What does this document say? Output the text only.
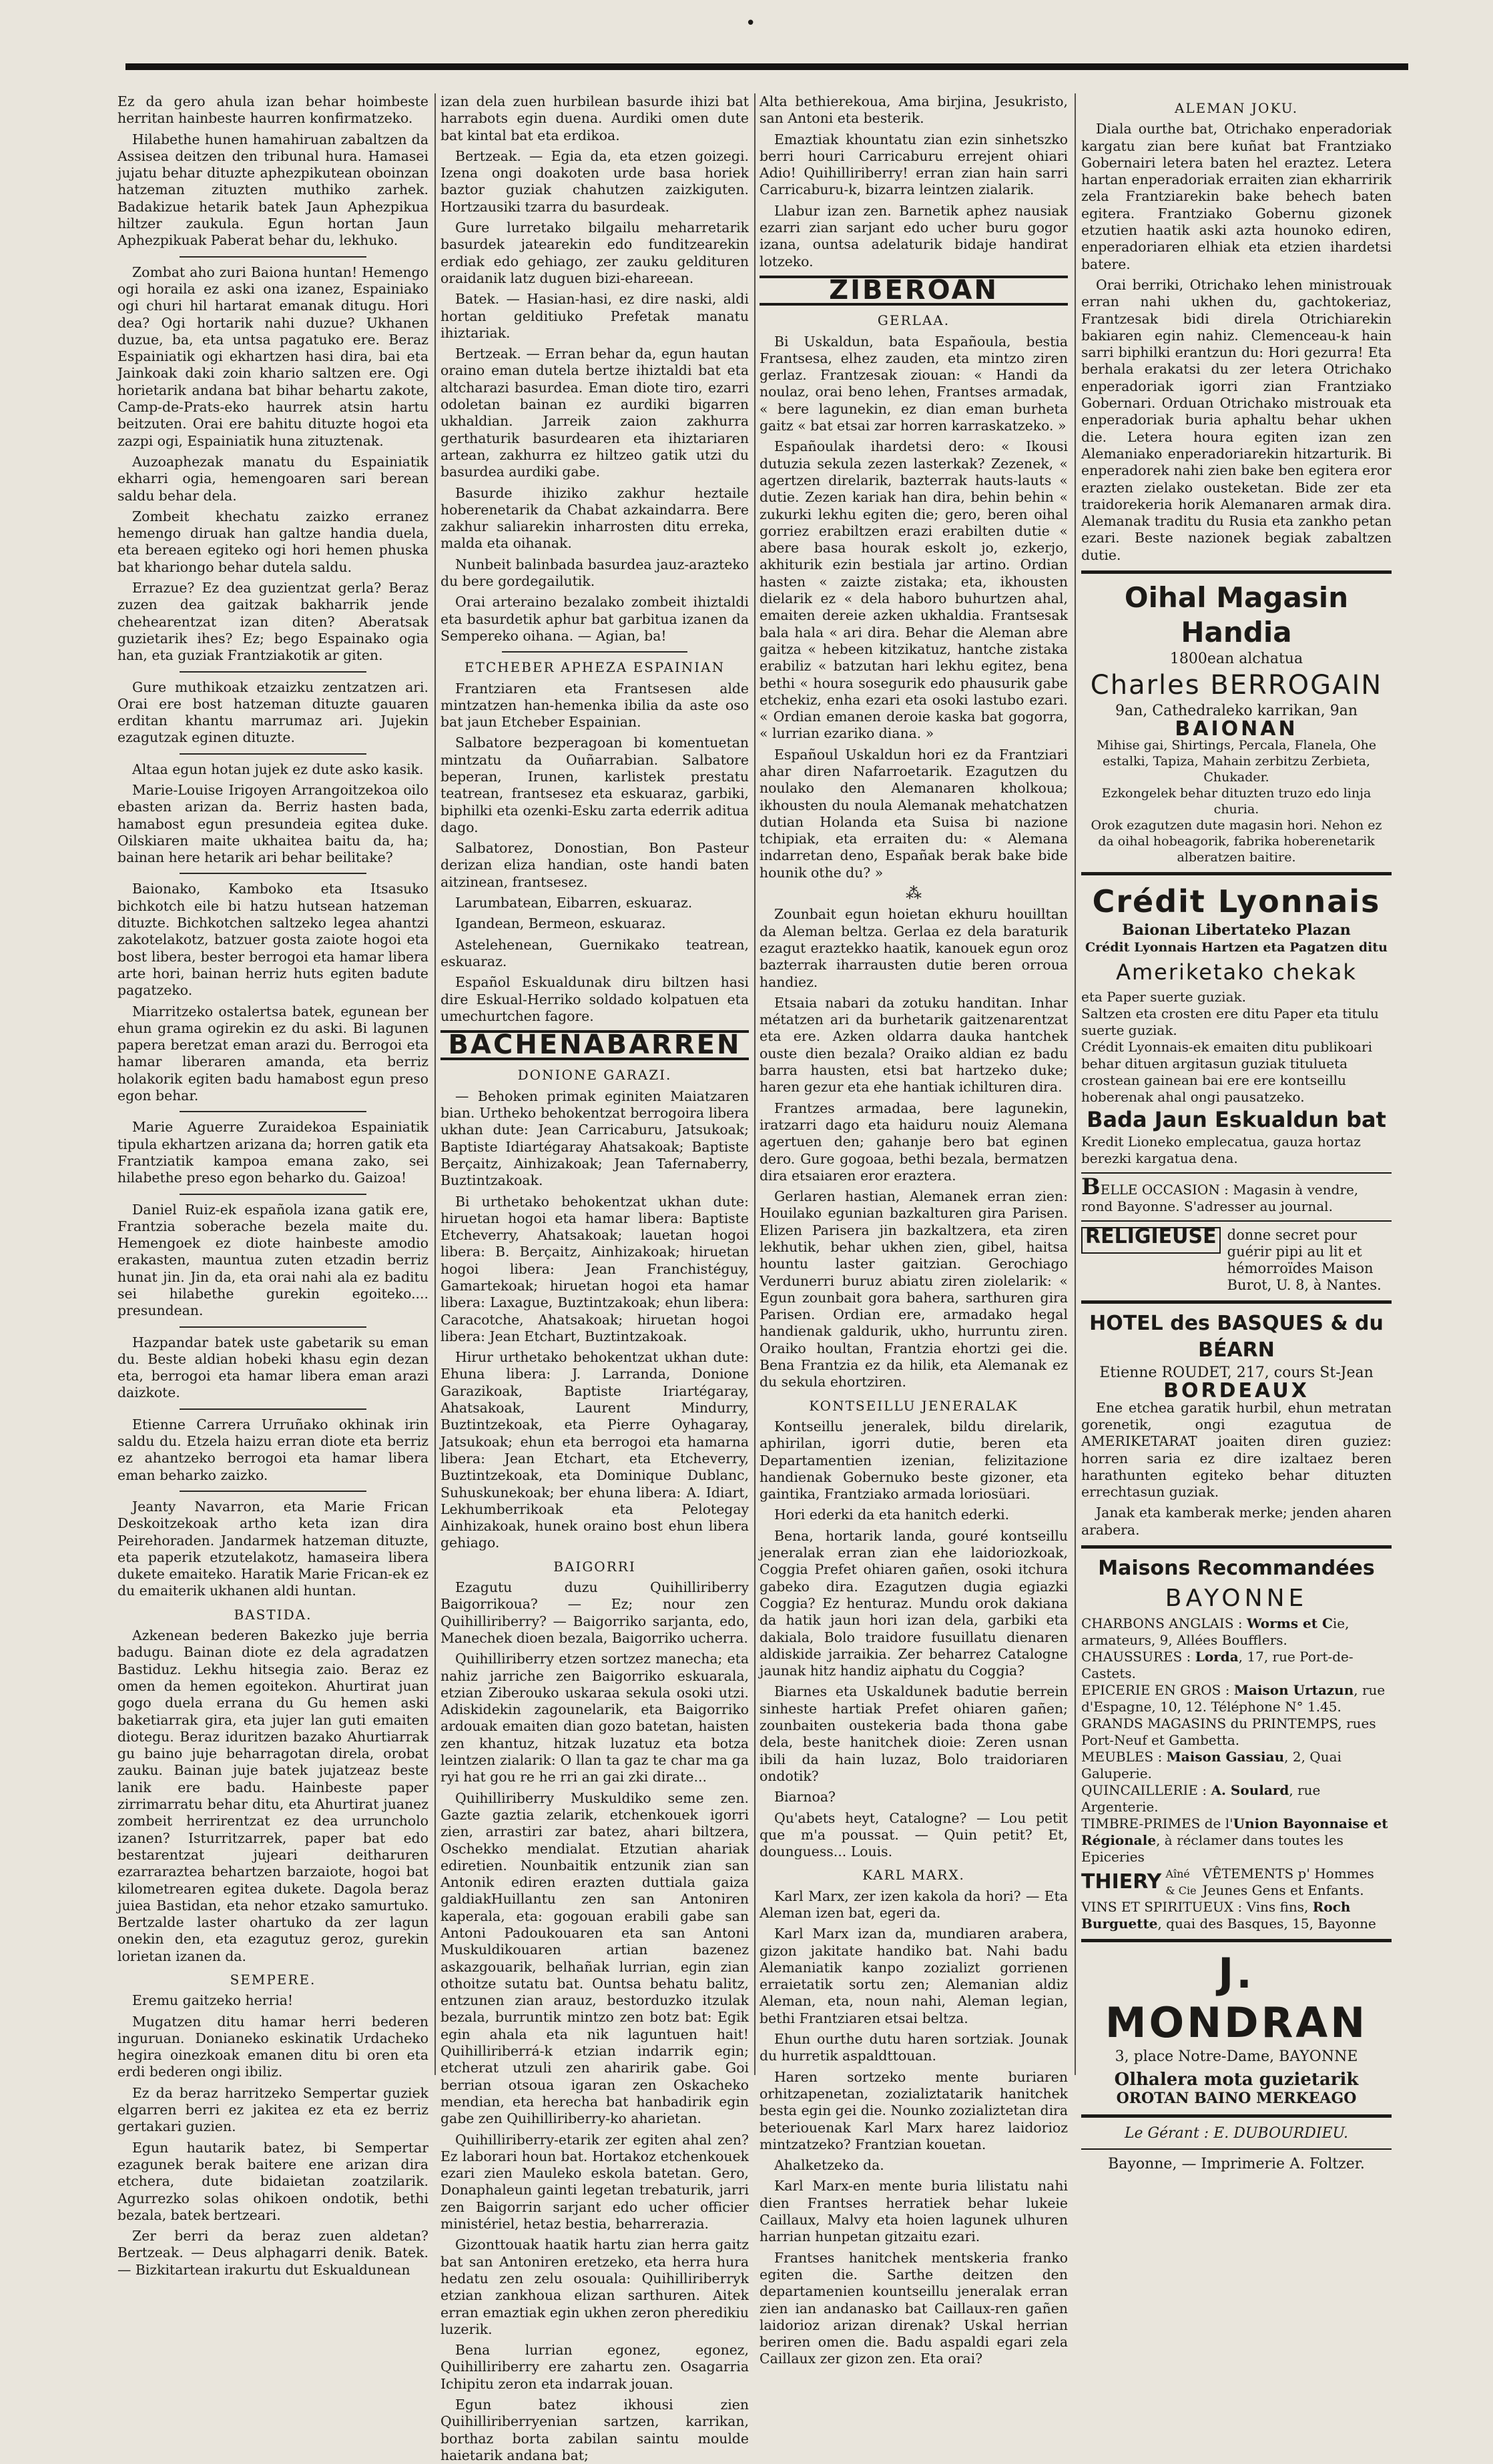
•

Ez da gero ahula izan behar hoimbeste herritan hainbeste haurren konfirmatzeko.

Hilabethe hunen hamahiruan zabaltzen da Assisea deitzen den tribunal hura. Hamasei jujatu behar dituzte aphezpikutean oboinzan hatzeman zituzten muthiko zarhek. Badakizue hetarik batek Jaun Aphezpikua hiltzer zaukula. Egun hortan Jaun Aphezpikuak Paberat behar du, lekhuko.

Zombat aho zuri Baiona huntan! Hemengo ogi horaila ez aski ona izanez, Espainiako ogi churi hil hartarat emanak ditugu. Hori dea? Ogi hortarik nahi duzue? Ukhanen duzue, ba, eta untsa pagatuko ere. Beraz Espainiatik ogi ekhartzen hasi dira, bai eta Jainkoak daki zoin khario saltzen ere. Ogi horietarik andana bat bihar behartu zakote, Camp-de-Prats-eko haurrek atsin hartu beitzuten. Orai ere bahitu dituzte hogoi eta zazpi ogi, Espainiatik huna zituztenak.

Auzoaphezak manatu du Espainiatik ekharri ogia, hemengoaren sari berean saldu behar dela.

Zombeit khechatu zaizko erranez hemengo diruak han galtze handia duela, eta bereaen egiteko ogi hori hemen phuska bat khariongo behar dutela saldu.

Errazue? Ez dea guzientzat gerla? Beraz zuzen dea gaitzak bakharrik jende chehearentzat izan diten? Aberatsak guzietarik ihes? Ez; bego Espainako ogia han, eta guziak Frantziakotik ar giten.

Gure muthikoak etzaizku zentzatzen ari. Orai ere bost hatzeman dituzte gauaren erditan khantu marrumaz ari. Jujekin ezagutzak eginen dituzte.

Altaa egun hotan jujek ez dute asko kasik.

Marie-Louise Irigoyen Arrangoitzekoa oilo ebasten arizan da. Berriz hasten bada, hamabost egun presundeia egitea duke. Oilskiaren maite ukhaitea baitu da, ha; bainan here hetarik ari behar beilitake?

Baionako, Kamboko eta Itsasuko bichkotch eile bi hatzu hutsean hatzeman dituzte. Bichkotchen saltzeko legea ahantzi zakotelakotz, batzuer gosta zaiote hogoi eta bost libera, bester berrogoi eta hamar libera arte hori, bainan herriz huts egiten badute pagatzeko.

Miarritzeko ostalertsa batek, egunean ber ehun grama ogirekin ez du aski. Bi lagunen papera beretzat eman arazi du. Berrogoi eta hamar liberaren amanda, eta berriz holakorik egiten badu hamabost egun preso egon behar.

Marie Aguerre Zuraidekoa Espainiatik tipula ekhartzen arizana da; horren gatik eta Frantziatik kampoa emana zako, sei hilabethe preso egon beharko du. Gaizoa!

Daniel Ruiz-ek española izana gatik ere, Frantzia soberache bezela maite du. Hemengoek ez diote hainbeste amodio erakasten, mauntua zuten etzadin berriz hunat jin. Jin da, eta orai nahi ala ez baditu sei hilabethe gurekin egoiteko.... presundean.

Hazpandar batek uste gabetarik su eman du. Beste aldian hobeki khasu egin dezan eta, berrogoi eta hamar libera eman arazi daizkote.

Etienne Carrera Urruñako okhinak irin saldu du. Etzela haizu erran diote eta berriz ez ahantzeko berrogoi eta hamar libera eman beharko zaizko.

Jeanty Navarron, eta Marie Frican Deskoitzekoak artho keta izan dira Peirehoraden. Jandarmek hatzeman dituzte, eta paperik etzutelakotz, hamaseira libera dukete emaiteko. Haratik Marie Frican-ek ez du emaiterik ukhanen aldi huntan.

BASTIDA.

Azkenean bederen Bakezko juje berria badugu. Bainan diote ez dela agradatzen Bastiduz. Lekhu hitsegia zaio. Beraz ez omen da hemen egoitekon. Ahurtirat juan gogo duela errana du Gu hemen aski baketiarrak gira, eta jujer lan guti emaiten diotegu. Beraz iduritzen bazako Ahurtiarrak gu baino juje beharragotan direla, orobat zauku. Bainan juje batek jujatzeaz beste lanik ere badu. Hainbeste paper zirrimarratu behar ditu, eta Ahurtirat juanez zombeit herrirentzat ez dea urruncholo izanen? Isturritzarrek, paper bat edo bestarentzat jujeari deitharuren ezarraraztea behartzen barzaiote, hogoi bat kilometrearen egitea dukete. Dagola beraz juiea Bastidan, eta nehor etzako samurtuko. Bertzalde laster ohartuko da zer lagun onekin den, eta ezagutuz geroz, gurekin lorietan izanen da.

SEMPERE.

Eremu gaitzeko herria!

Mugatzen ditu hamar herri bederen inguruan. Donianeko eskinatik Urdacheko hegira oinezkoak emanen ditu bi oren eta erdi bederen ongi ibiliz.

Ez da beraz harritzeko Sempertar guziek elgarren berri ez jakitea ez eta ez berriz gertakari guzien.

Egun hautarik batez, bi Sempertar ezagunek berak baitere ene arizan dira etchera, dute bidaietan zoatzilarik. Agurrezko solas ohikoen ondotik, bethi bezala, batek bertzeari.

Zer berri da beraz zuen aldetan? Bertzeak. — Deus alphagarri denik. Batek. — Bizkitartean irakurtu dut Eskualdunean

izan dela zuen hurbilean basurde ihizi bat harrabots egin duena. Aurdiki omen dute bat kintal bat eta erdikoa.

Bertzeak. — Egia da, eta etzen goizegi. Izena ongi doakoten urde basa horiek baztor guziak chahutzen zaizkiguten. Hortzausiki tzarra du basurdeak.

Gure lurretako bilgailu meharretarik basurdek jatearekin edo funditzearekin erdiak edo gehiago, zer zauku geldituren oraidanik latz duguen bizi-ehareean.

Batek. — Hasian-hasi, ez dire naski, aldi hortan gelditiuko Prefetak manatu ihiztariak.

Bertzeak. — Erran behar da, egun hautan oraino eman dutela bertze ihiztaldi bat eta altcharazi basurdea. Eman diote tiro, ezarri odoletan bainan ez aurdiki bigarren ukhaldian. Jarreik zaion zakhurra gerthaturik basurdearen eta ihiztariaren artean, zakhurra ez hiltzeo gatik utzi du basurdea aurdiki gabe.

Basurde ihiziko zakhur heztaile hoberenetarik da Chabat azkaindarra. Bere zakhur saliarekin inharrosten ditu erreka, malda eta oihanak.

Nunbeit balinbada basurdea jauz-arazteko du bere gordegailutik.

Orai arteraino bezalako zombeit ihiztaldi eta basurdetik aphur bat garbitua izanen da Sempereko oihana. — Agian, ba!

ETCHEBER APHEZA ESPAINIAN

Frantziaren eta Frantsesen alde mintzatzen han-hemenka ibilia da aste oso bat jaun Etcheber Espainian.

Salbatore bezperagoan bi komentuetan mintzatu da Ouñarrabian. Salbatore beperan, Irunen, karlistek prestatu teatrean, frantsesez eta eskuaraz, garbiki, biphilki eta ozenki-Esku zarta ederrik aditua dago.

Salbatorez, Donostian, Bon Pasteur derizan eliza handian, oste handi baten aitzinean, frantsesez.

Larumbatean, Eibarren, eskuaraz.

Igandean, Bermeon, eskuaraz.

Astelehenean, Guernikako teatrean, eskuaraz.

Español Eskualdunak diru biltzen hasi dire Eskual-Herriko soldado kolpatuen eta umechurtchen fagore.

BACHENABARREN
DONIONE GARAZI.

— Behoken primak eginiten Maiatzaren bian. Urtheko behokentzat berrogoira libera ukhan dute: Jean Carricaburu, Jatsukoak; Baptiste Idiartégaray Ahatsakoak; Baptiste Berçaitz, Ainhizakoak; Jean Tafernaberry, Buztintzakoak.

Bi urthetako behokentzat ukhan dute: hiruetan hogoi eta hamar libera: Baptiste Etcheverry, Ahatsakoak; lauetan hogoi libera: B. Berçaitz, Ainhizakoak; hiruetan hogoi libera: Jean Franchistéguy, Gamartekoak; hiruetan hogoi eta hamar libera: Laxague, Buztintzakoak; ehun libera: Caracotche, Ahatsakoak; hiruetan hogoi libera: Jean Etchart, Buztintzakoak.

Hirur urthetako behokentzat ukhan dute: Ehuna libera: J. Larranda, Donione Garazikoak, Baptiste Iriartégaray, Ahatsakoak, Laurent Mindurry, Buztintzekoak, eta Pierre Oyhagaray, Jatsukoak; ehun eta berrogoi eta hamarna libera: Jean Etchart, eta Etcheverry, Buztintzekoak, eta Dominique Dublanc, Suhuskunekoak; ber ehuna libera: A. Idiart, Lekhumberrikoak eta Pelotegay Ainhizakoak, hunek oraino bost ehun libera gehiago.

BAIGORRI

Ezagutu duzu Quihilliriberry Baigorrikoua? — Ez; nour zen Quihilliriberry? — Baigorriko sarjanta, edo, Manechek dioen bezala, Baigorriko ucherra.

Quihilliriberry etzen sortzez manecha; eta nahiz jarriche zen Baigorriko eskuarala, etzian Ziberouko uskaraa sekula osoki utzi. Adiskidekin zagounelarik, eta Baigorriko ardouak emaiten dian gozo batetan, haisten zen khantuz, hitzak luzatuz eta botza leintzen zialarik: O llan ta gaz te char ma ga ryi hat gou re he rri an gai zki dirate...

Quihilliriberry Muskuldiko seme zen. Gazte gaztia zelarik, etchenkouek igorri zien, arrastiri zar batez, ahari biltzera, Oschekko mendialat. Etzutian ahariak ediretien. Nounbaitik entzunik zian san Antonik ediren erazten duttiala gaiza galdiakHuillantu zen san Antoniren kaperala, eta: gogouan erabili gabe san Antoni Padoukouaren eta san Antoni Muskuldikouaren artian bazenez askazgouarik, belhañak lurrian, egin zian othoitze sutatu bat. Ountsa behatu balitz, entzunen zian arauz, bestorduzko itzulak bezala, burruntik mintzo zen botz bat: Egik egin ahala eta nik laguntuen hait! Quihilliriberrá-k etzian indarrik egin; etcherat utzuli zen aharirik gabe. Goi berrian otsoua igaran zen Oskacheko mendian, eta herecha bat hanbadirik egin gabe zen Quihilliriberry-ko aharietan.

Quihilliriberry-etarik zer egiten ahal zen? Ez laborari houn bat. Hortakoz etchenkouek ezari zien Mauleko eskola batetan. Gero, Donaphaleun gainti legetan trebaturik, jarri zen Baigorrin sarjant edo ucher officier ministériel, hetaz bestia, beharrerazia.

Gizonttouak haatik hartu zian herra gaitz bat san Antoniren eretzeko, eta herra hura hedatu zen zelu osouala: Quihilliriberryk etzian zankhoua elizan sarthuren. Aitek erran emaztiak egin ukhen zeron pheredikiu luzerik.

Bena lurrian egonez, egonez, Quihilliriberry ere zahartu zen. Osagarria Ichipitu zeron eta indarrak jouan.

Egun batez ikhousi zien Quihilliriberryenian sartzen, karrikan, borthaz borta zabilan saintu moulde haietarik andana bat;

Alta bethierekoua, Ama birjina, Jesukristo, san Antoni eta besterik.

Emaztiak khountatu zian ezin sinhetszko berri houri Carricaburu errejent ohiari Adio! Quihilliriberry! erran zian hain sarri Carricaburu-k, bizarra leintzen zialarik.

Llabur izan zen. Barnetik aphez nausiak ezarri zian sarjant edo ucher buru gogor izana, ountsa adelaturik bidaje handirat lotzeko.

ZIBEROAN
GERLAA.

Bi Uskaldun, bata Españoula, bestia Frantsesa, elhez zauden, eta mintzo ziren gerlaz. Frantzesak ziouan: « Handi da noulaz, orai beno lehen, Frantses armadak, « bere lagunekin, ez dian eman burheta gaitz « bat etsai zar horren karraskatzeko. »

Españoulak ihardetsi dero: « Ikousi dutuzia sekula zezen lasterkak? Zezenek, « agertzen direlarik, bazterrak hauts-lauts « dutie. Zezen kariak han dira, behin behin « zukurki lekhu egiten die; gero, beren oihal gorriez erabiltzen erazi erabilten dutie « abere basa hourak eskolt jo, ezkerjo, akhiturik ezin bestiala jar artino. Ordian hasten « zaizte zistaka; eta, ikhousten dielarik ez « dela haboro buhurtzen ahal, emaiten dereie azken ukhaldia. Frantsesak bala hala « ari dira. Behar die Aleman abre gaitza « hebeen kitzikatuz, hantche zistaka erabiliz « batzutan hari lekhu egitez, bena bethi « houra sosegurik edo phausurik gabe etchekiz, enha ezari eta osoki lastubo ezari. « Ordian emanen deroie kaska bat gogorra, « lurrian ezariko diana. »

Españoul Uskaldun hori ez da Frantziari ahar diren Nafarroetarik. Ezagutzen du noulako den Alemanaren kholkoua; ikhousten du noula Alemanak mehatchatzen dutian Holanda eta Suisa bi nazione tchipiak, eta erraiten du: « Alemana indarretan deno, Españak berak bake bide hounik othe du? »

⁂

Zounbait egun hoietan ekhuru houilltan da Aleman beltza. Gerlaa ez dela baraturik ezagut eraztekko haatik, kanouek egun oroz bazterrak iharrausten dutie beren orroua handiez.

Etsaia nabari da zotuku handitan. Inhar métatzen ari da burhetarik gaitzenarentzat eta ere. Azken oldarra dauka hantchek ouste dien bezala? Oraiko aldian ez badu barra hausten, etsi bat hartzeko duke; haren gezur eta ehe hantiak ichilturen dira.

Frantzes armadaa, bere lagunekin, iratzarri dago eta haiduru nouiz Alemana agertuen den; gahanje bero bat eginen dero. Gure gogoaa, bethi bezala, bermatzen dira etsaiaren eror eraztera.

Gerlaren hastian, Alemanek erran zien: Houilako egunian bazkalturen gira Parisen. Elizen Parisera jin bazkaltzera, eta ziren lekhutik, behar ukhen zien, gibel, haitsa hountu laster gaitzian. Gerochiago Verdunerri buruz abiatu ziren ziolelarik: « Egun zounbait gora bahera, sarthuren gira Parisen. Ordian ere, armadako hegal handienak galdurik, ukho, hurruntu ziren. Oraiko houltan, Frantzia ehortzi gei die. Bena Frantzia ez da hilik, eta Alemanak ez du sekula ehortziren.

KONTSEILLU JENERALAK

Kontseillu jeneralek, bildu direlarik, aphirilan, igorri dutie, beren eta Departamentien izenian, felizitazione handienak Gobernuko beste gizoner, eta gaintika, Frantziako armada loriosüari.

Hori ederki da eta hanitch ederki.

Bena, hortarik landa, gouré kontseillu jeneralak erran zian ehe laidoriozkoak, Coggia Prefet ohiaren gañen, osoki itchura gabeko dira. Ezagutzen dugia egiazki Coggia? Ez henturaz. Mundu orok dakiana da hatik jaun hori izan dela, garbiki eta dakiala, Bolo traidore fusuillatu dienaren aldiskide jarraikia. Zer beharrez Catalogne jaunak hitz handiz aiphatu du Coggia?

Biarnes eta Uskaldunek badutie berrein sinheste hartiak Prefet ohiaren gañen; zounbaiten oustekeria bada thona gabe dela, beste hanitchek dioie: Zeren usnan ibili da hain luzaz, Bolo traidoriaren ondotik?

Biarnoa?

Qu'abets heyt, Catalogne? — Lou petit que m'a poussat. — Quin petit? Et, dounguess... Louis.

KARL MARX.

Karl Marx, zer izen kakola da hori? — Eta Aleman izen bat, egeri da.

Karl Marx izan da, mundiaren arabera, gizon jakitate handiko bat. Nahi badu Alemaniatik kanpo zozializt gorrienen erraietatik sortu zen; Alemanian aldiz Aleman, eta, noun nahi, Aleman legian, bethi Frantziaren etsai beltza.

Ehun ourthe dutu haren sortziak. Jounak du hurretik aspaldttouan.

Haren sortzeko mente buriaren orhitzapenetan, zozializtatarik hanitchek besta egin gei die. Nounko zozializtetan dira beteriouenak Karl Marx harez laidorioz mintzatzeko? Frantzian kouetan.

Ahalketzeko da.

Karl Marx-en mente buria lilistatu nahi dien Frantses herratiek behar lukeie Caillaux, Malvy eta hoien lagunek ulhuren harrian hunpetan gitzaitu ezari.

Frantses hanitchek mentskeria franko egiten die. Sarthe deitzen den departamenien kountseillu jeneralak erran zien ian andanasko bat Caillaux-ren gañen laidorioz arizan direnak? Uskal herrian beriren omen die. Badu aspaldi egari zela Caillaux zer gizon zen. Eta orai?

ALEMAN JOKU.

Diala ourthe bat, Otrichako enperadoriak kargatu zian bere kuñat bat Frantziako Gobernairi letera baten hel eraztez. Letera hartan enperadoriak erraiten zian ekharririk zela Frantziarekin bake behech baten egitera. Frantziako Gobernu gizonek etzutien haatik aski azta hounoko ediren, enperadoriaren elhiak eta etzien ihardetsi batere.

Orai berriki, Otrichako lehen ministrouak erran nahi ukhen du, gachtokeriaz, Frantzesak bidi direla Otrichiarekin bakiaren egin nahiz. Clemenceau-k hain sarri biphilki erantzun du: Hori gezurra! Eta berhala erakatsi du zer letera Otrichako enperadoriak igorri zian Frantziako Gobernari. Orduan Otrichako mistrouak eta enperadoriak buria aphaltu behar ukhen die. Letera houra egiten izan zen Alemaniako enperadoriarekin hitzarturik. Bi enperadorek nahi zien bake ben egitera eror erazten zielako ousteketan. Bide zer eta traidorekeria horik Alemanaren armak dira. Alemanak traditu du Rusia eta zankho petan ezari. Beste nazionek begiak zabaltzen dutie.

Oihal Magasin Handia
1800ean alchatua
Charles BERROGAIN
9an, Cathedraleko karrikan, 9an
BAIONAN
Mihise gai, Shirtings, Percala, Flanela, Ohe estalki, Tapiza, Mahain zerbitzu Zerbieta, Chukader.
Ezkongelek behar dituzten truzo edo linja churia.
Orok ezagutzen dute magasin hori. Nehon ez da oihal hobeagorik, fabrika hoberenetarik alberatzen baitire.
Crédit Lyonnais
Baionan Libertateko Plazan
Crédit Lyonnais Hartzen eta Pagatzen ditu
Ameriketako chekak
eta Paper suerte guziak.
Saltzen eta crosten ere ditu Paper eta titulu suerte guziak.
Crédit Lyonnais-ek emaiten ditu publikoari behar dituen argitasun guziak titulueta crostean gainean bai ere ere kontseillu hoberenak ahal ongi pausatzeko.
Bada Jaun Eskualdun bat
Kredit Lioneko emplecatua, gauza hortaz berezki kargatua dena.
BELLE OCCASION : Magasin à vendre, rond Bayonne. S'adresser au journal.
RELIGIEUSE donne secret pour guérir pipi au lit et hémorroïdes Maison Burot, U. 8, à Nantes.
HOTEL des BASQUES & du BÉARN
Etienne ROUDET, 217, cours St-Jean
BORDEAUX

Ene etchea garatik hurbil, ehun metratan gorenetik, ongi ezagutua de AMERIKETARAT joaiten diren guziez: horren saria ez dire izaltaez beren harathunten egiteko behar dituzten errechtasun guziak.

Janak eta kamberak merke; jenden aharen arabera.

Maisons Recommandées
BAYONNE
CHARBONS ANGLAIS : Worms et Cie, armateurs, 9, Allées Boufflers.
CHAUSSURES : Lorda, 17, rue Port-de-Castets.
EPICERIE EN GROS : Maison Urtazun, rue d'Espagne, 10, 12. Téléphone N° 1.45.
GRANDS MAGASINS du PRINTEMPS, rues Port-Neuf et Gambetta.
MEUBLES : Maison Gassiau, 2, Quai Galuperie.
QUINCAILLERIE : A. Soulard, rue Argenterie.
TIMBRE-PRIMES de l'Union Bayonnaise et Régionale, à réclamer dans toutes les Epiceries
THIERY Aîné & Cie
VÊTEMENTS p' Hommes Jeunes Gens et Enfants.
VINS ET SPIRITUEUX : Vins fins, Roch Burguette, quai des Basques, 15, Bayonne
J. MONDRAN
3, place Notre-Dame, BAYONNE
Olhalera mota guzietarik
OROTAN BAINO MERKEAGO
Le Gérant : E. DUBOURDIEU.
Bayonne, — Imprimerie A. Foltzer.
